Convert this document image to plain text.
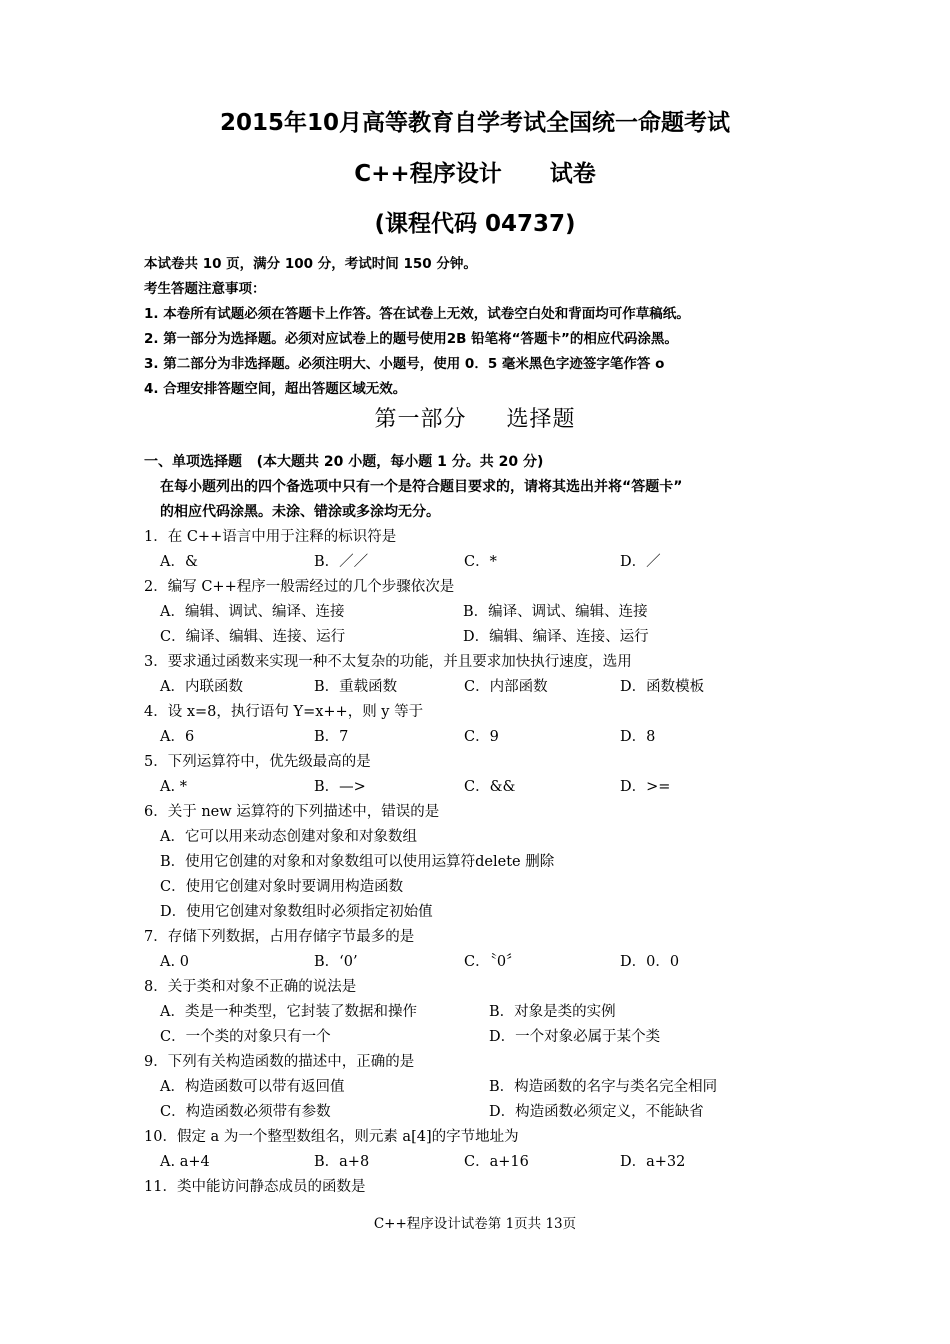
2015年10月高等教育自学考试全国统一命题考试
C++程序设计      试卷
(课程代码 04737)
本试卷共 10 页，满分 100 分，考试时间 150 分钟。
考生答题注意事项：
1. 本卷所有试题必须在答题卡上作答。答在试卷上无效，试卷空白处和背面均可作草稿纸。
2. 第一部分为选择题。必须对应试卷上的题号使用2B 铅笔将“答题卡”的相应代码涂黑。
3. 第二部分为非选择题。必须注明大、小题号，使用 0．5 毫米黑色字迹签字笔作答 o
4. 合理安排答题空间，超出答题区域无效。
第一部分     选择题
一、单项选择题   (本大题共 20 小题，每小题 1 分。共 20 分)
在每小题列出的四个备选项中只有一个是符合题目要求的，请将其选出并将“答题卡”
的相应代码涂黑。未涂、错涂或多涂均无分。
1．在 C++语言中用于注释的标识符是
A．&	B．／／	C．*	D．／
2．编写 C++程序一般需经过的几个步骤依次是
A．编辑、调试、编译、连接	B．编译、调试、编辑、连接
C．编译、编辑、连接、运行	D．编辑、编译、连接、运行
3．要求通过函数来实现一种不太复杂的功能，并且要求加快执行速度，选用
A．内联函数	B．重载函数	C．内部函数	D．函数模板
4．设 x=8，执行语句 Y=x++，则 y 等于
A．6	B．7	C．9	D．8
5．下列运算符中，优先级最高的是
A. *	B．—>	C．&&	D．>=
6．关于 new 运算符的下列描述中，错误的是
A．它可以用来动态创建对象和对象数组
B．使用它创建的对象和对象数组可以使用运算符delete 删除
C．使用它创建对象时要调用构造函数
D．使用它创建对象数组时必须指定初始值
7．存储下列数据，占用存储字节最多的是
A. 0	B．‘0’	C．〝0〞	D．0．0
8．关于类和对象不正确的说法是
A．类是一种类型，它封装了数据和操作	B．对象是类的实例
C．一个类的对象只有一个	D．一个对象必属于某个类
9．下列有关构造函数的描述中，正确的是
A．构造函数可以带有返回值	B．构造函数的名字与类名完全相同
C．构造函数必须带有参数	D．构造函数必须定义，不能缺省
10．假定 a 为一个整型数组名，则元素 a[4]的字节地址为
A. a+4	B．a+8	C．a+16	D．a+32
11．类中能访问静态成员的函数是
C++程序设计试卷第 1页共 13页
